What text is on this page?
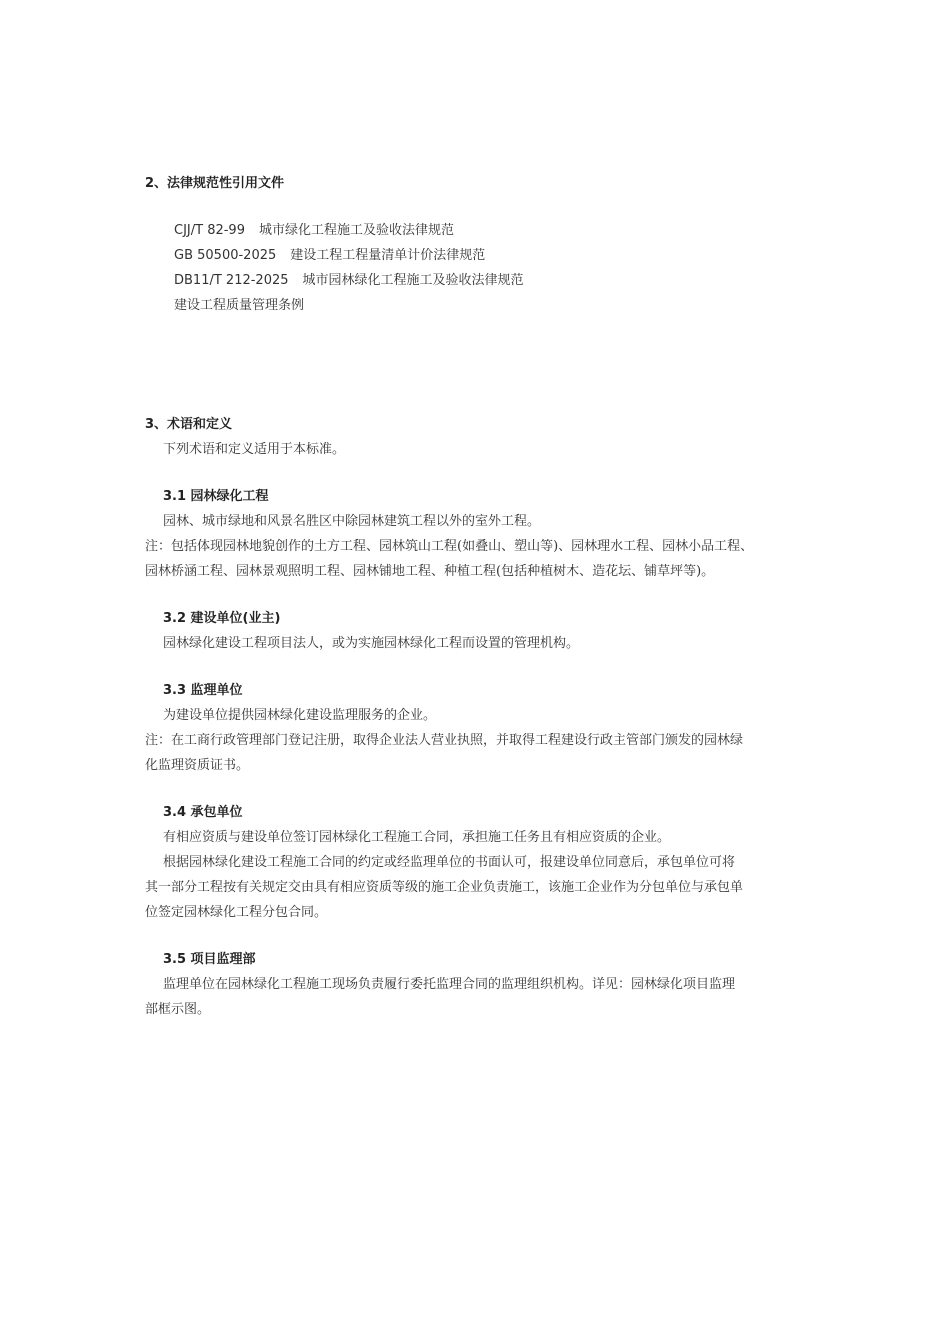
2、法律规范性引用文件
CJJ/T 82-99 城市绿化工程施工及验收法律规范
GB 50500-2025 建设工程工程量清单计价法律规范
DB11/T 212-2025 城市园林绿化工程施工及验收法律规范
建设工程质量管理条例
3、术语和定义
下列术语和定义适用于本标准。
3.1 园林绿化工程
园林、城市绿地和风景名胜区中除园林建筑工程以外的室外工程。
注：包括体现园林地貌创作的土方工程、园林筑山工程(如叠山、塑山等)、园林理水工程、园林小品工程、
园林桥涵工程、园林景观照明工程、园林铺地工程、种植工程(包括种植树木、造花坛、铺草坪等)。
3.2 建设单位(业主)
园林绿化建设工程项目法人，或为实施园林绿化工程而设置的管理机构。
3.3 监理单位
为建设单位提供园林绿化建设监理服务的企业。
注：在工商行政管理部门登记注册，取得企业法人营业执照，并取得工程建设行政主管部门颁发的园林绿
化监理资质证书。
3.4 承包单位
有相应资质与建设单位签订园林绿化工程施工合同，承担施工任务且有相应资质的企业。
根据园林绿化建设工程施工合同的约定或经监理单位的书面认可，报建设单位同意后，承包单位可将
其一部分工程按有关规定交由具有相应资质等级的施工企业负责施工，该施工企业作为分包单位与承包单
位签定园林绿化工程分包合同。
3.5 项目监理部
监理单位在园林绿化工程施工现场负责履行委托监理合同的监理组织机构。详见：园林绿化项目监理
部框示图。
